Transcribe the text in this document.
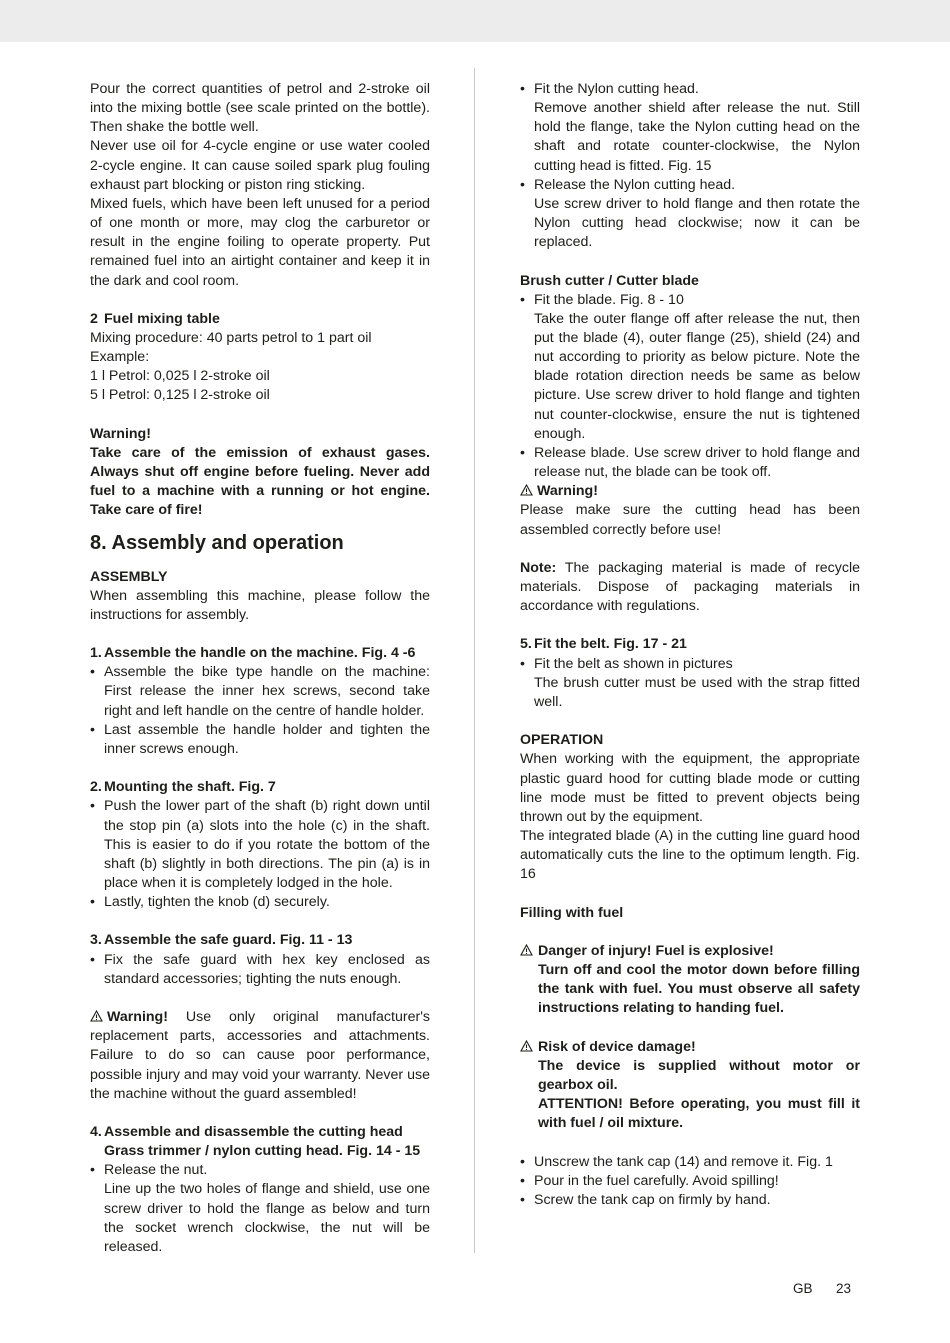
Pour the correct quantities of petrol and 2-stroke oil into the mixing bottle (see scale printed on the bottle). Then shake the bottle well.

Never use oil for 4-cycle engine or use water cooled 2-cycle engine. It can cause soiled spark plug fouling exhaust part blocking or piston ring sticking.

Mixed fuels, which have been left unused for a period of one month or more, may clog the carburetor or result in the engine foiling to operate property. Put remained fuel into an airtight container and keep it in the dark and cool room.

2 Fuel mixing table

Mixing procedure: 40 parts petrol to 1 part oil

Example:

1 l Petrol: 0,025 l 2-stroke oil

5 l Petrol: 0,125 l 2-stroke oil

Warning!

Take care of the emission of exhaust gases. Always shut off engine before fueling. Never add fuel to a machine with a running or hot engine. Take care of fire!

8. Assembly and operation

ASSEMBLY

When assembling this machine, please follow the instructions for assembly.

1. Assemble the handle on the machine. Fig. 4 -6
• Assemble the bike type handle on the machine: First release the inner hex screws, second take right and left handle on the centre of handle holder.
• Last assemble the handle holder and tighten the inner screws enough.
2. Mounting the shaft. Fig. 7
• Push the lower part of the shaft (b) right down until the stop pin (a) slots into the hole (c) in the shaft. This is easier to do if you rotate the bottom of the shaft (b) slightly in both directions. The pin (a) is in place when it is completely lodged in the hole.
• Lastly, tighten the knob (d) securely.
3. Assemble the safe guard. Fig. 11 - 13
• Fix the safe guard with hex key enclosed as standard accessories; tighting the nuts enough.

Warning! Use only original manufacturer's replacement parts, accessories and attachments. Failure to do so can cause poor performance, possible injury and may void your warranty. Never use the machine without the guard assembled!

4. Assemble and disassemble the cutting head

Grass trimmer / nylon cutting head. Fig. 14 - 15

• Release the nut.

Line up the two holes of flange and shield, use one screw driver to hold the flange as below and turn the socket wrench clockwise, the nut will be released.

• Fit the Nylon cutting head.

Remove another shield after release the nut. Still hold the flange, take the Nylon cutting head on the shaft and rotate counter-clockwise, the Nylon cutting head is fitted. Fig. 15

• Release the Nylon cutting head.

Use screw driver to hold flange and then rotate the Nylon cutting head clockwise; now it can be replaced.

Brush cutter / Cutter blade

• Fit the blade. Fig. 8 - 10

Take the outer flange off after release the nut, then put the blade (4), outer flange (25), shield (24) and nut according to priority as below picture. Note the blade rotation direction needs be same as below picture. Use screw driver to hold flange and tighten nut counter-clockwise, ensure the nut is tightened enough.

• Release blade. Use screw driver to hold flange and release nut, the blade can be took off.

Warning!

Please make sure the cutting head has been assembled correctly before use!

Note: The packaging material is made of recycle materials. Dispose of packaging materials in accordance with regulations.

5. Fit the belt. Fig. 17 - 21
• Fit the belt as shown in pictures

The brush cutter must be used with the strap fitted well.

OPERATION

When working with the equipment, the appropriate plastic guard hood for cutting blade mode or cutting line mode must be fitted to prevent objects being thrown out by the equipment.

The integrated blade (A) in the cutting line guard hood automatically cuts the line to the optimum length. Fig. 16

Filling with fuel

Danger of injury! Fuel is explosive!

Turn off and cool the motor down before filling the tank with fuel. You must observe all safety instructions relating to handing fuel.

Risk of device damage!

The device is supplied without motor or gearbox oil.

ATTENTION! Before operating, you must fill it with fuel / oil mixture.

• Unscrew the tank cap (14) and remove it. Fig. 1
• Pour in the fuel carefully. Avoid spilling!
• Screw the tank cap on firmly by hand.
GB 23
